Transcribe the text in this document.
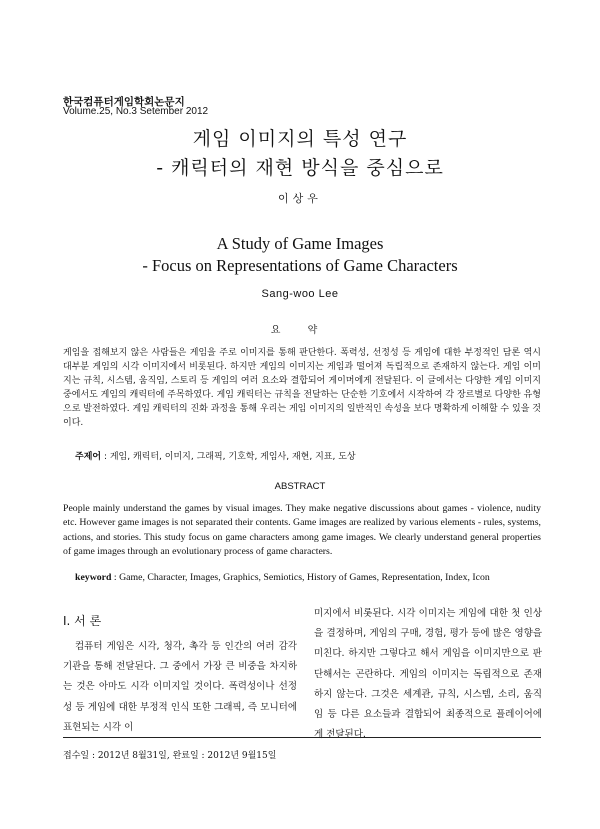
한국컴퓨터게임학회논문지
Volume.25, No.3 Setember 2012
게임 이미지의 특성 연구
- 캐릭터의 재현 방식을 중심으로
이상우
A Study of Game Images
- Focus on Representations of Game Characters
Sang-woo Lee
요 약

게임을 접해보지 않은 사람들은 게임을 주로 이미지를 통해 판단한다. 폭력성, 선정성 등 게임에 대한 부정적인 담론 역시 대부분 게임의 시각 이미지에서 비롯된다. 하지만 게임의 이미지는 게임과 떨어져 독립적으로 존재하지 않는다. 게임 이미지는 규칙, 시스템, 움직임, 스토리 등 게임의 여러 요소와 결합되어 게이머에게 전달된다. 이 글에서는 다양한 게임 이미지 중에서도 게임의 캐릭터에 주목하였다. 게임 캐릭터는 규칙을 전달하는 단순한 기호에서 시작하여 각 장르별로 다양한 유형으로 발전하였다. 게임 캐릭터의 진화 과정을 통해 우리는 게임 이미지의 일반적인 속성을 보다 명확하게 이해할 수 있을 것이다.

주제어 : 게임, 캐릭터, 이미지, 그래픽, 기호학, 게임사, 재현, 지표, 도상
ABSTRACT

People mainly understand the games by visual images. They make negative discussions about games - violence, nudity etc. However game images is not separated their contents. Game images are realized by various elements - rules, systems, actions, and stories. This study focus on game characters among game images. We clearly understand general properties of game images through an evolutionary process of game characters.

keyword : Game, Character, Images, Graphics, Semiotics, History of Games, Representation, Index, Icon
Ⅰ. 서 론

컴퓨터 게임은 시각, 청각, 촉각 등 인간의 여러 감각기관을 통해 전달된다. 그 중에서 가장 큰 비중을 차지하는 것은 아마도 시각 이미지일 것이다. 폭력성이나 선정성 등 게임에 대한 부정적 인식 또한 그래픽, 즉 모니터에 표현되는 시각 이

미지에서 비롯된다. 시각 이미지는 게임에 대한 첫 인상을 결정하며, 게임의 구매, 경험, 평가 등에 많은 영향을 미친다. 하지만 그렇다고 해서 게임을 이미지만으로 판단해서는 곤란하다. 게임의 이미지는 독립적으로 존재하지 않는다. 그것은 세계관, 규칙, 시스템, 소리, 움직임 등 다른 요소들과 결합되어 최종적으로 플레이어에게 전달된다.

접수일 : 2012년 8월31일, 완료일 : 2012년 9월15일
